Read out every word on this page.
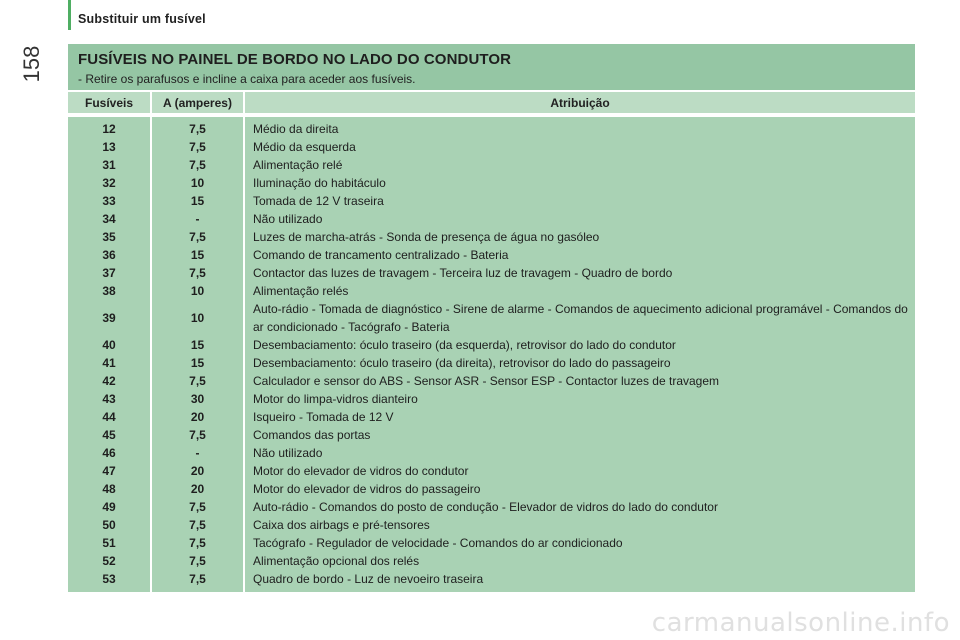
Substituir um fusível
158	FUSÍVEIS NO PAINEL DE BORDO NO LADO DO CONDUTOR
- Retire os parafusos e incline a caixa para aceder aos fusíveis.
Fusíveis	A (amperes)	Atribuição

12	7,5	Médio da direita
13	7,5	Médio da esquerda
31	7,5	Alimentação relé
32	10	Iluminação do habitáculo
33	15	Tomada de 12 V traseira
34	-	Não utilizado
35	7,5	Luzes de marcha-atrás - Sonda de presença de água no gasóleo
36	15	Comando de trancamento centralizado - Bateria
37	7,5	Contactor das luzes de travagem - Terceira luz de travagem - Quadro de bordo
38	10	Alimentação relés
39	10	Auto-rádio - Tomada de diagnóstico - Sirene de alarme - Comandos de aquecimento adicional programável - Comandos do ar condicionado - Tacógrafo - Bateria
40	15	Desembaciamento: óculo traseiro (da esquerda), retrovisor do lado do condutor
41	15	Desembaciamento: óculo traseiro (da direita), retrovisor do lado do passageiro
42	7,5	Calculador e sensor do ABS - Sensor ASR - Sensor ESP - Contactor luzes de travagem
43	30	Motor do limpa-vidros dianteiro
44	20	Isqueiro - Tomada de 12 V
45	7,5	Comandos das portas
46	-	Não utilizado
47	20	Motor do elevador de vidros do condutor
48	20	Motor do elevador de vidros do passageiro
49	7,5	Auto-rádio - Comandos do posto de condução - Elevador de vidros do lado do condutor
50	7,5	Caixa dos airbags e pré-tensores
51	7,5	Tacógrafo - Regulador de velocidade - Comandos do ar condicionado
52	7,5	Alimentação opcional dos relés
53	7,5	Quadro de bordo - Luz de nevoeiro traseira
carmanualsonline.info
